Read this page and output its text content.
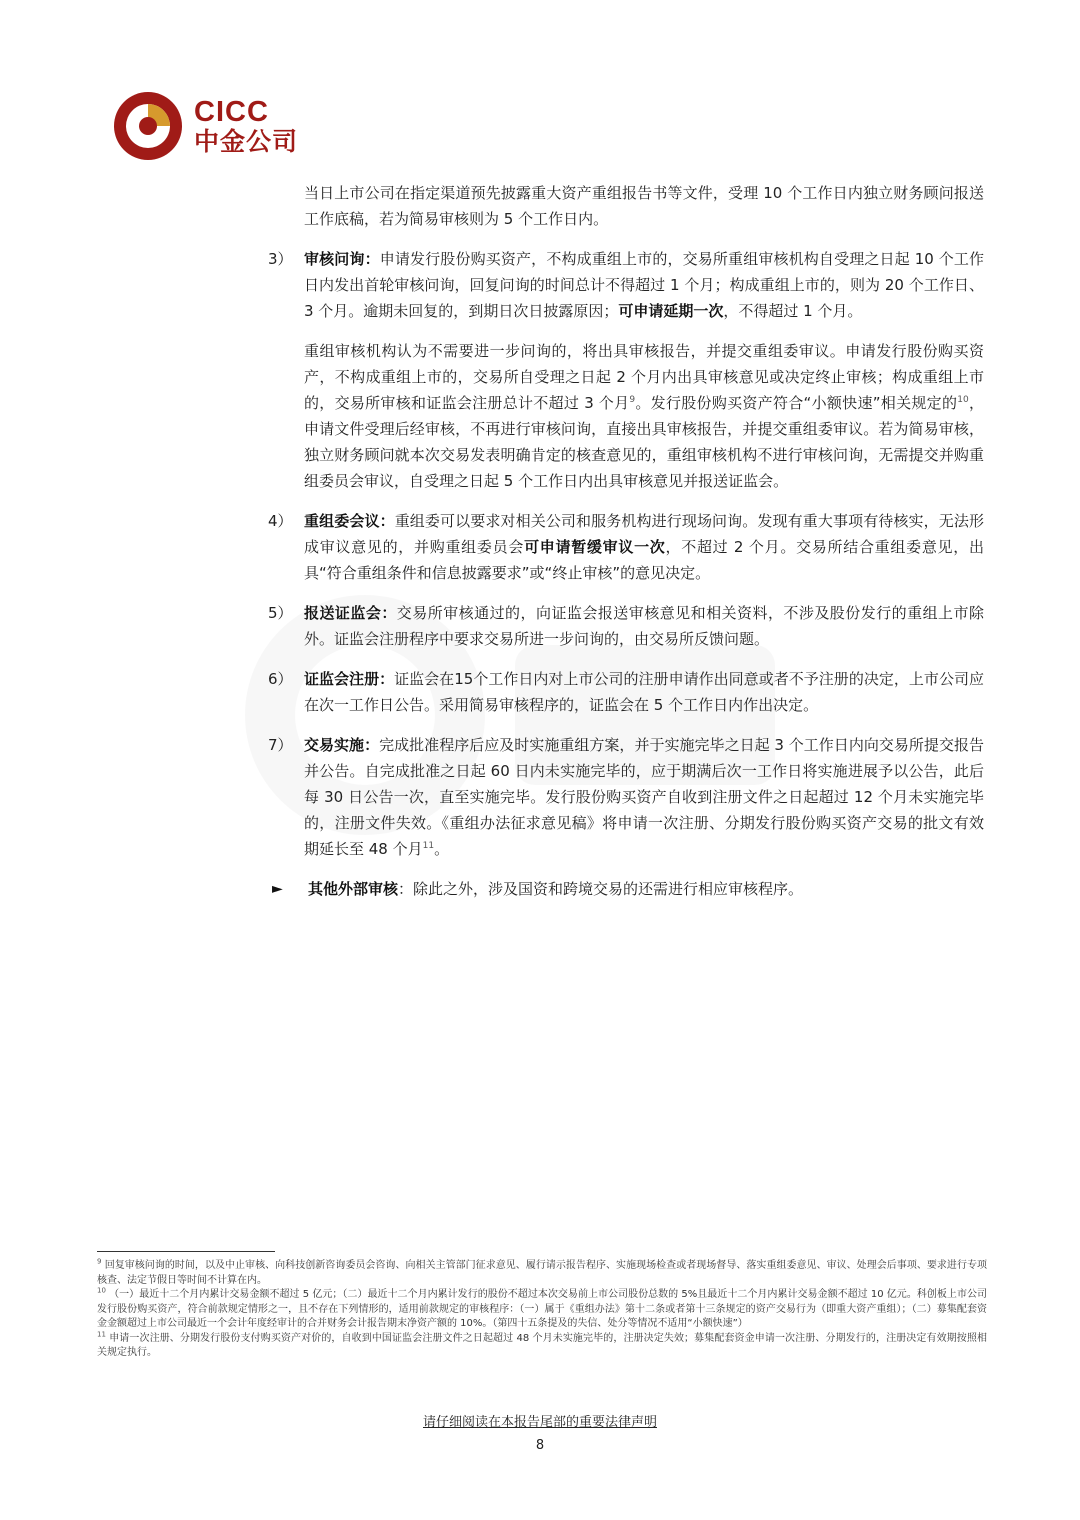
CICC
中金公司
当日上市公司在指定渠道预先披露重大资产重组报告书等文件，受理 10 个工作日内独立财务顾问报送工作底稿，若为简易审核则为 5 个工作日内。
3） 审核问询：申请发行股份购买资产，不构成重组上市的，交易所重组审核机构自受理之日起 10 个工作日内发出首轮审核问询，回复问询的时间总计不得超过 1 个月；构成重组上市的，则为 20 个工作日、3 个月。逾期未回复的，到期日次日披露原因；可申请延期一次，不得超过 1 个月。
重组审核机构认为不需要进一步问询的，将出具审核报告，并提交重组委审议。申请发行股份购买资产，不构成重组上市的，交易所自受理之日起 2 个月内出具审核意见或决定终止审核；构成重组上市的，交易所审核和证监会注册总计不超过 3 个月$^9$。发行股份购买资产符合“小额快速”相关规定的$^{10}$，申请文件受理后经审核，不再进行审核问询，直接出具审核报告，并提交重组委审议。若为简易审核，独立财务顾问就本次交易发表明确肯定的核查意见的，重组审核机构不进行审核问询，无需提交并购重组委员会审议，自受理之日起 5 个工作日内出具审核意见并报送证监会。
4） 重组委会议：重组委可以要求对相关公司和服务机构进行现场问询。发现有重大事项有待核实，无法形成审议意见的，并购重组委员会可申请暂缓审议一次，不超过 2 个月。交易所结合重组委意见，出具“符合重组条件和信息披露要求”或“终止审核”的意见决定。
5） 报送证监会：交易所审核通过的，向证监会报送审核意见和相关资料，不涉及股份发行的重组上市除外。证监会注册程序中要求交易所进一步问询的，由交易所反馈问题。
6） 证监会注册：证监会在15个工作日内对上市公司的注册申请作出同意或者不予注册的决定，上市公司应在次一工作日公告。采用简易审核程序的，证监会在 5 个工作日内作出决定。
7） 交易实施：完成批准程序后应及时实施重组方案，并于实施完毕之日起 3 个工作日内向交易所提交报告并公告。自完成批准之日起 60 日内未实施完毕的，应于期满后次一工作日将实施进展予以公告，此后每 30 日公告一次，直至实施完毕。发行股份购买资产自收到注册文件之日起超过 12 个月未实施完毕的，注册文件失效。《重组办法征求意见稿》将申请一次注册、分期发行股份购买资产交易的批文有效期延长至 48 个月$^{11}$。
► 其他外部审核：除此之外，涉及国资和跨境交易的还需进行相应审核程序。
$^9$ 回复审核问询的时间，以及中止审核、向科技创新咨询委员会咨询、向相关主管部门征求意见、履行请示报告程序、实施现场检查或者现场督导、落实重组委意见、审议、处理会后事项、要求进行专项核查、法定节假日等时间不计算在内。
$^{10}$ （一）最近十二个月内累计交易金额不超过 5 亿元；（二）最近十二个月内累计发行的股份不超过本次交易前上市公司股份总数的 5%且最近十二个月内累计交易金额不超过 10 亿元。科创板上市公司发行股份购买资产，符合前款规定情形之一，且不存在下列情形的，适用前款规定的审核程序：（一）属于《重组办法》第十二条或者第十三条规定的资产交易行为（即重大资产重组）；（二）募集配套资金金额超过上市公司最近一个会计年度经审计的合并财务会计报告期末净资产额的 10%。（第四十五条提及的失信、处分等情况不适用“小额快速”）
$^{11}$ 申请一次注册、分期发行股份支付购买资产对价的，自收到中国证监会注册文件之日起超过 48 个月未实施完毕的，注册决定失效；募集配套资金申请一次注册、分期发行的，注册决定有效期按照相关规定执行。
请仔细阅读在本报告尾部的重要法律声明
8
